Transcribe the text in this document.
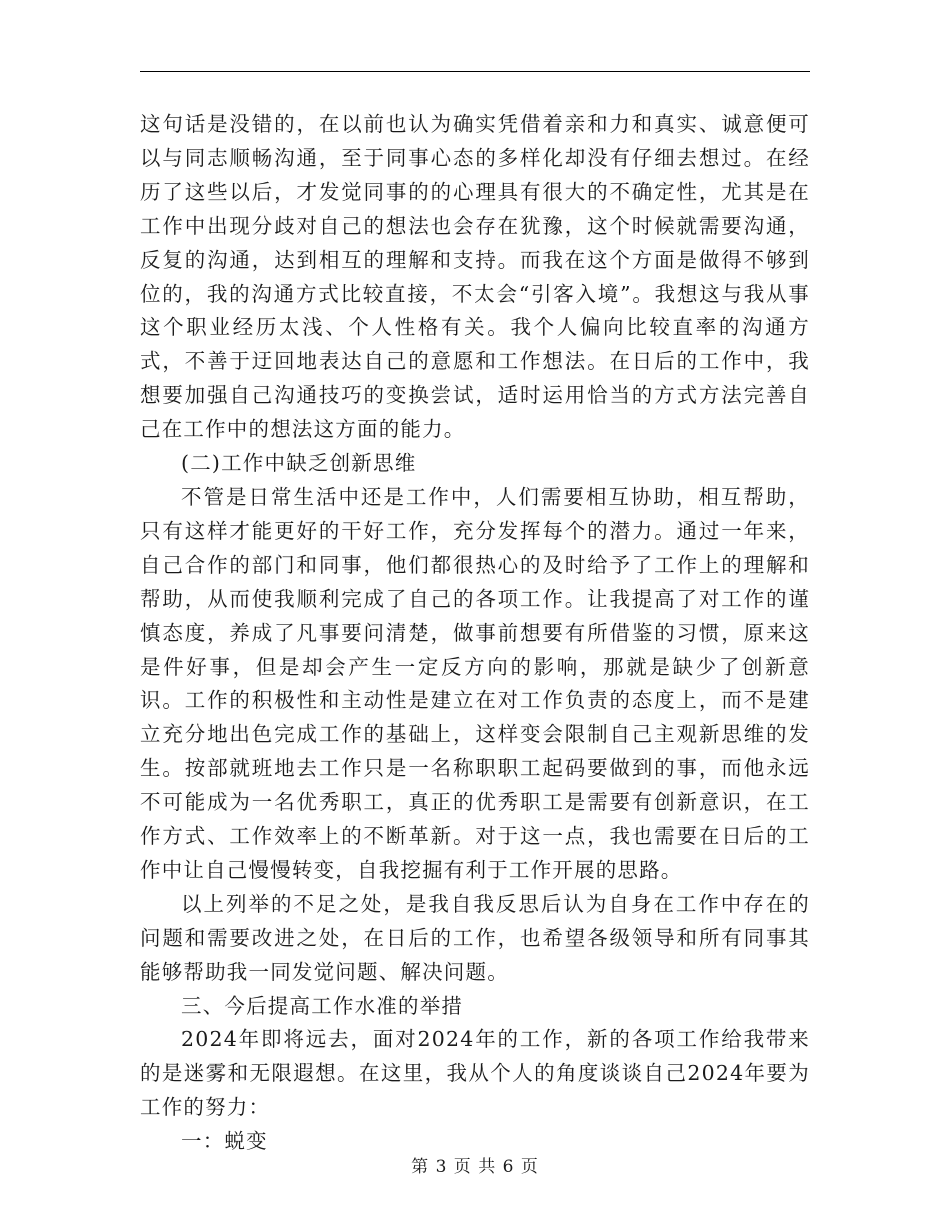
这句话是没错的，在以前也认为确实凭借着亲和力和真实、诚意便可以与同志顺畅沟通，至于同事心态的多样化却没有仔细去想过。在经历了这些以后，才发觉同事的的心理具有很大的不确定性，尤其是在工作中出现分歧对自己的想法也会存在犹豫，这个时候就需要沟通，反复的沟通，达到相互的理解和支持。而我在这个方面是做得不够到位的，我的沟通方式比较直接，不太会“引客入境”。我想这与我从事这个职业经历太浅、个人性格有关。我个人偏向比较直率的沟通方式，不善于迂回地表达自己的意愿和工作想法。在日后的工作中，我想要加强自己沟通技巧的变换尝试，适时运用恰当的方式方法完善自己在工作中的想法这方面的能力。

(二)工作中缺乏创新思维

不管是日常生活中还是工作中，人们需要相互协助，相互帮助，只有这样才能更好的干好工作，充分发挥每个的潜力。通过一年来，自己合作的部门和同事，他们都很热心的及时给予了工作上的理解和帮助，从而使我顺利完成了自己的各项工作。让我提高了对工作的谨慎态度，养成了凡事要问清楚，做事前想要有所借鉴的习惯，原来这是件好事，但是却会产生一定反方向的影响，那就是缺少了创新意识。工作的积极性和主动性是建立在对工作负责的态度上，而不是建立充分地出色完成工作的基础上，这样变会限制自己主观新思维的发生。按部就班地去工作只是一名称职职工起码要做到的事，而他永远不可能成为一名优秀职工，真正的优秀职工是需要有创新意识，在工作方式、工作效率上的不断革新。对于这一点，我也需要在日后的工作中让自己慢慢转变，自我挖掘有利于工作开展的思路。

以上列举的不足之处，是我自我反思后认为自身在工作中存在的问题和需要改进之处，在日后的工作，也希望各级领导和所有同事其能够帮助我一同发觉问题、解决问题。

三、今后提高工作水准的举措

2024年即将远去，面对2024年的工作，新的各项工作给我带来的是迷雾和无限遐想。在这里，我从个人的角度谈谈自己2024年要为工作的努力：

一：蜕变

第 3 页 共 6 页
